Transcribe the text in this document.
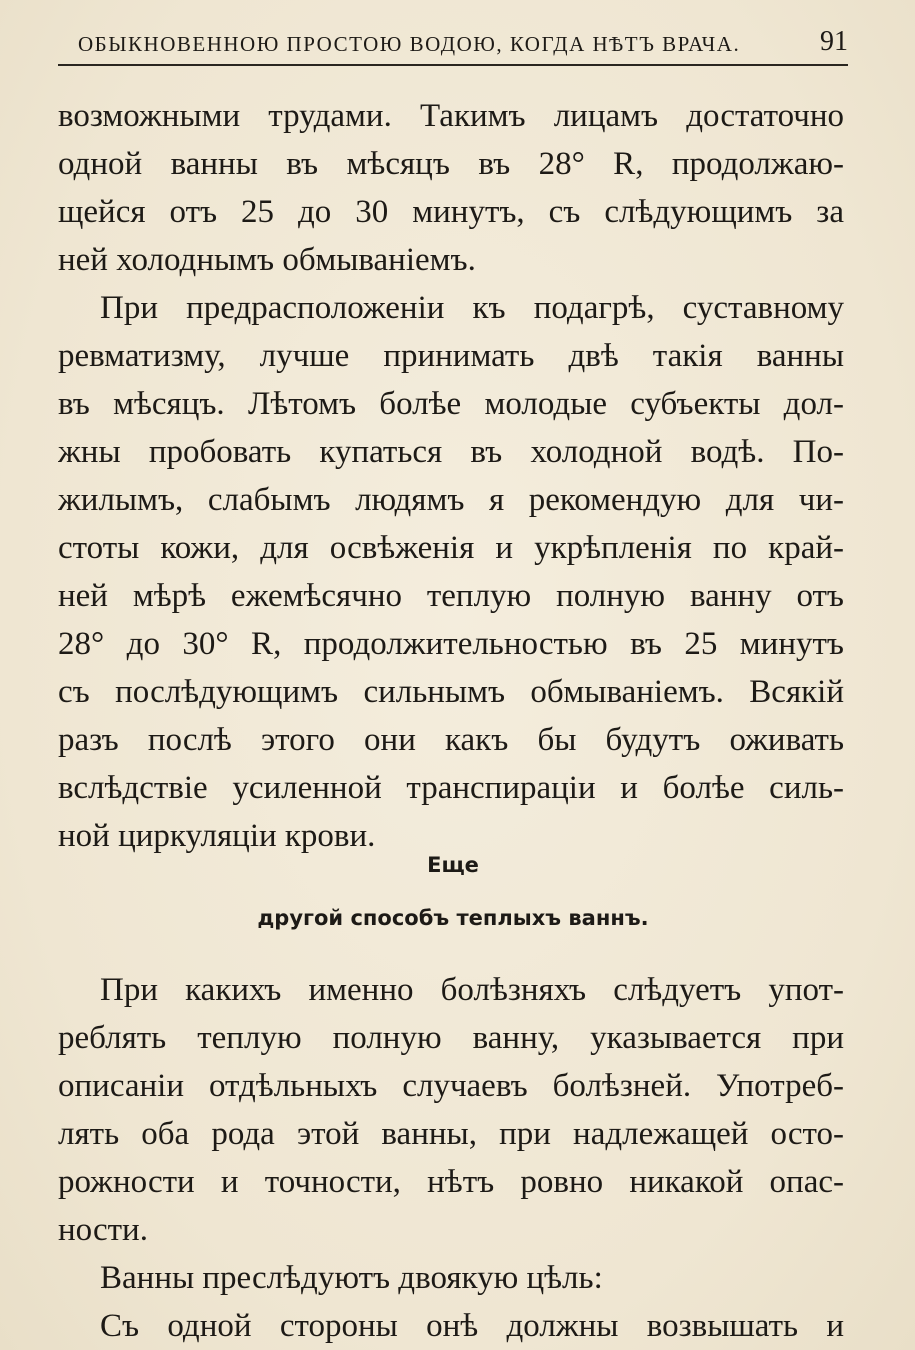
ОБЫКНОВЕННОЮ ПРОСТОЮ ВОДОЮ, КОГДА НѢТЪ ВРАЧА.	91
возможными трудами. Такимъ лицамъ достаточно
одной ванны въ мѣсяцъ въ 28° R, продолжаю-
щейся отъ 25 до 30 минутъ, съ слѣдующимъ за
ней холоднымъ обмываніемъ.
При предрасположеніи къ подагрѣ, суставному
ревматизму, лучше принимать двѣ такія ванны
въ мѣсяцъ. Лѣтомъ болѣе молодые субъекты дол-
жны пробовать купаться въ холодной водѣ. По-
жилымъ, слабымъ людямъ я рекомендую для чи-
стоты кожи, для освѣженія и укрѣпленія по край-
ней мѣрѣ ежемѣсячно теплую полную ванну отъ
28° до 30° R, продолжительностью въ 25 минутъ
съ послѣдующимъ сильнымъ обмываніемъ. Всякій
разъ послѣ этого они какъ бы будутъ оживать
вслѣдствіе усиленной транспираціи и болѣе силь-
ной циркуляціи крови.
Еще
другой способъ теплыхъ ваннъ.
При какихъ именно болѣзняхъ слѣдуетъ упот-
реблять теплую полную ванну, указывается при
описаніи отдѣльныхъ случаевъ болѣзней. Употреб-
лять оба рода этой ванны, при надлежащей осто-
рожности и точности, нѣтъ ровно никакой опас-
ности.
Ванны преслѣдуютъ двоякую цѣль:
Съ одной стороны онѣ должны возвышать и
